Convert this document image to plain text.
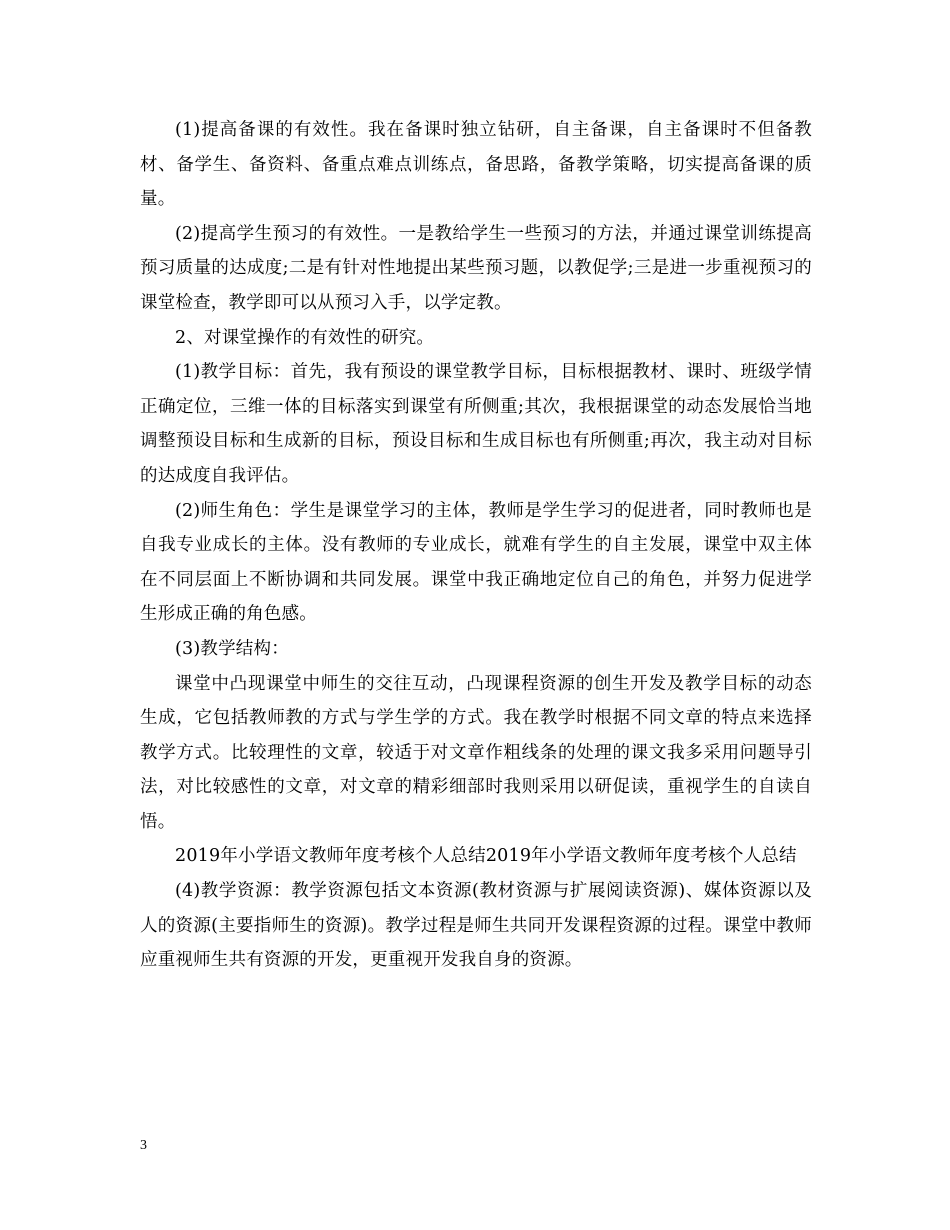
(1)提高备课的有效性。我在备课时独立钻研，自主备课，自主备课时不但备教材、备学生、备资料、备重点难点训练点，备思路，备教学策略，切实提高备课的质量。

(2)提高学生预习的有效性。一是教给学生一些预习的方法，并通过课堂训练提高预习质量的达成度;二是有针对性地提出某些预习题，以教促学;三是进一步重视预习的课堂检查，教学即可以从预习入手，以学定教。

2、对课堂操作的有效性的研究。

(1)教学目标：首先，我有预设的课堂教学目标，目标根据教材、课时、班级学情正确定位，三维一体的目标落实到课堂有所侧重;其次，我根据课堂的动态发展恰当地调整预设目标和生成新的目标，预设目标和生成目标也有所侧重;再次，我主动对目标的达成度自我评估。

(2)师生角色：学生是课堂学习的主体，教师是学生学习的促进者，同时教师也是自我专业成长的主体。没有教师的专业成长，就难有学生的自主发展，课堂中双主体在不同层面上不断协调和共同发展。课堂中我正确地定位自己的角色，并努力促进学生形成正确的角色感。

(3)教学结构：

课堂中凸现课堂中师生的交往互动，凸现课程资源的创生开发及教学目标的动态生成，它包括教师教的方式与学生学的方式。我在教学时根据不同文章的特点来选择教学方式。比较理性的文章，较适于对文章作粗线条的处理的课文我多采用问题导引法，对比较感性的文章，对文章的精彩细部时我则采用以研促读，重视学生的自读自悟。

2019年小学语文教师年度考核个人总结2019年小学语文教师年度考核个人总结

(4)教学资源：教学资源包括文本资源(教材资源与扩展阅读资源)、媒体资源以及人的资源(主要指师生的资源)。教学过程是师生共同开发课程资源的过程。课堂中教师应重视师生共有资源的开发，更重视开发我自身的资源。

3
